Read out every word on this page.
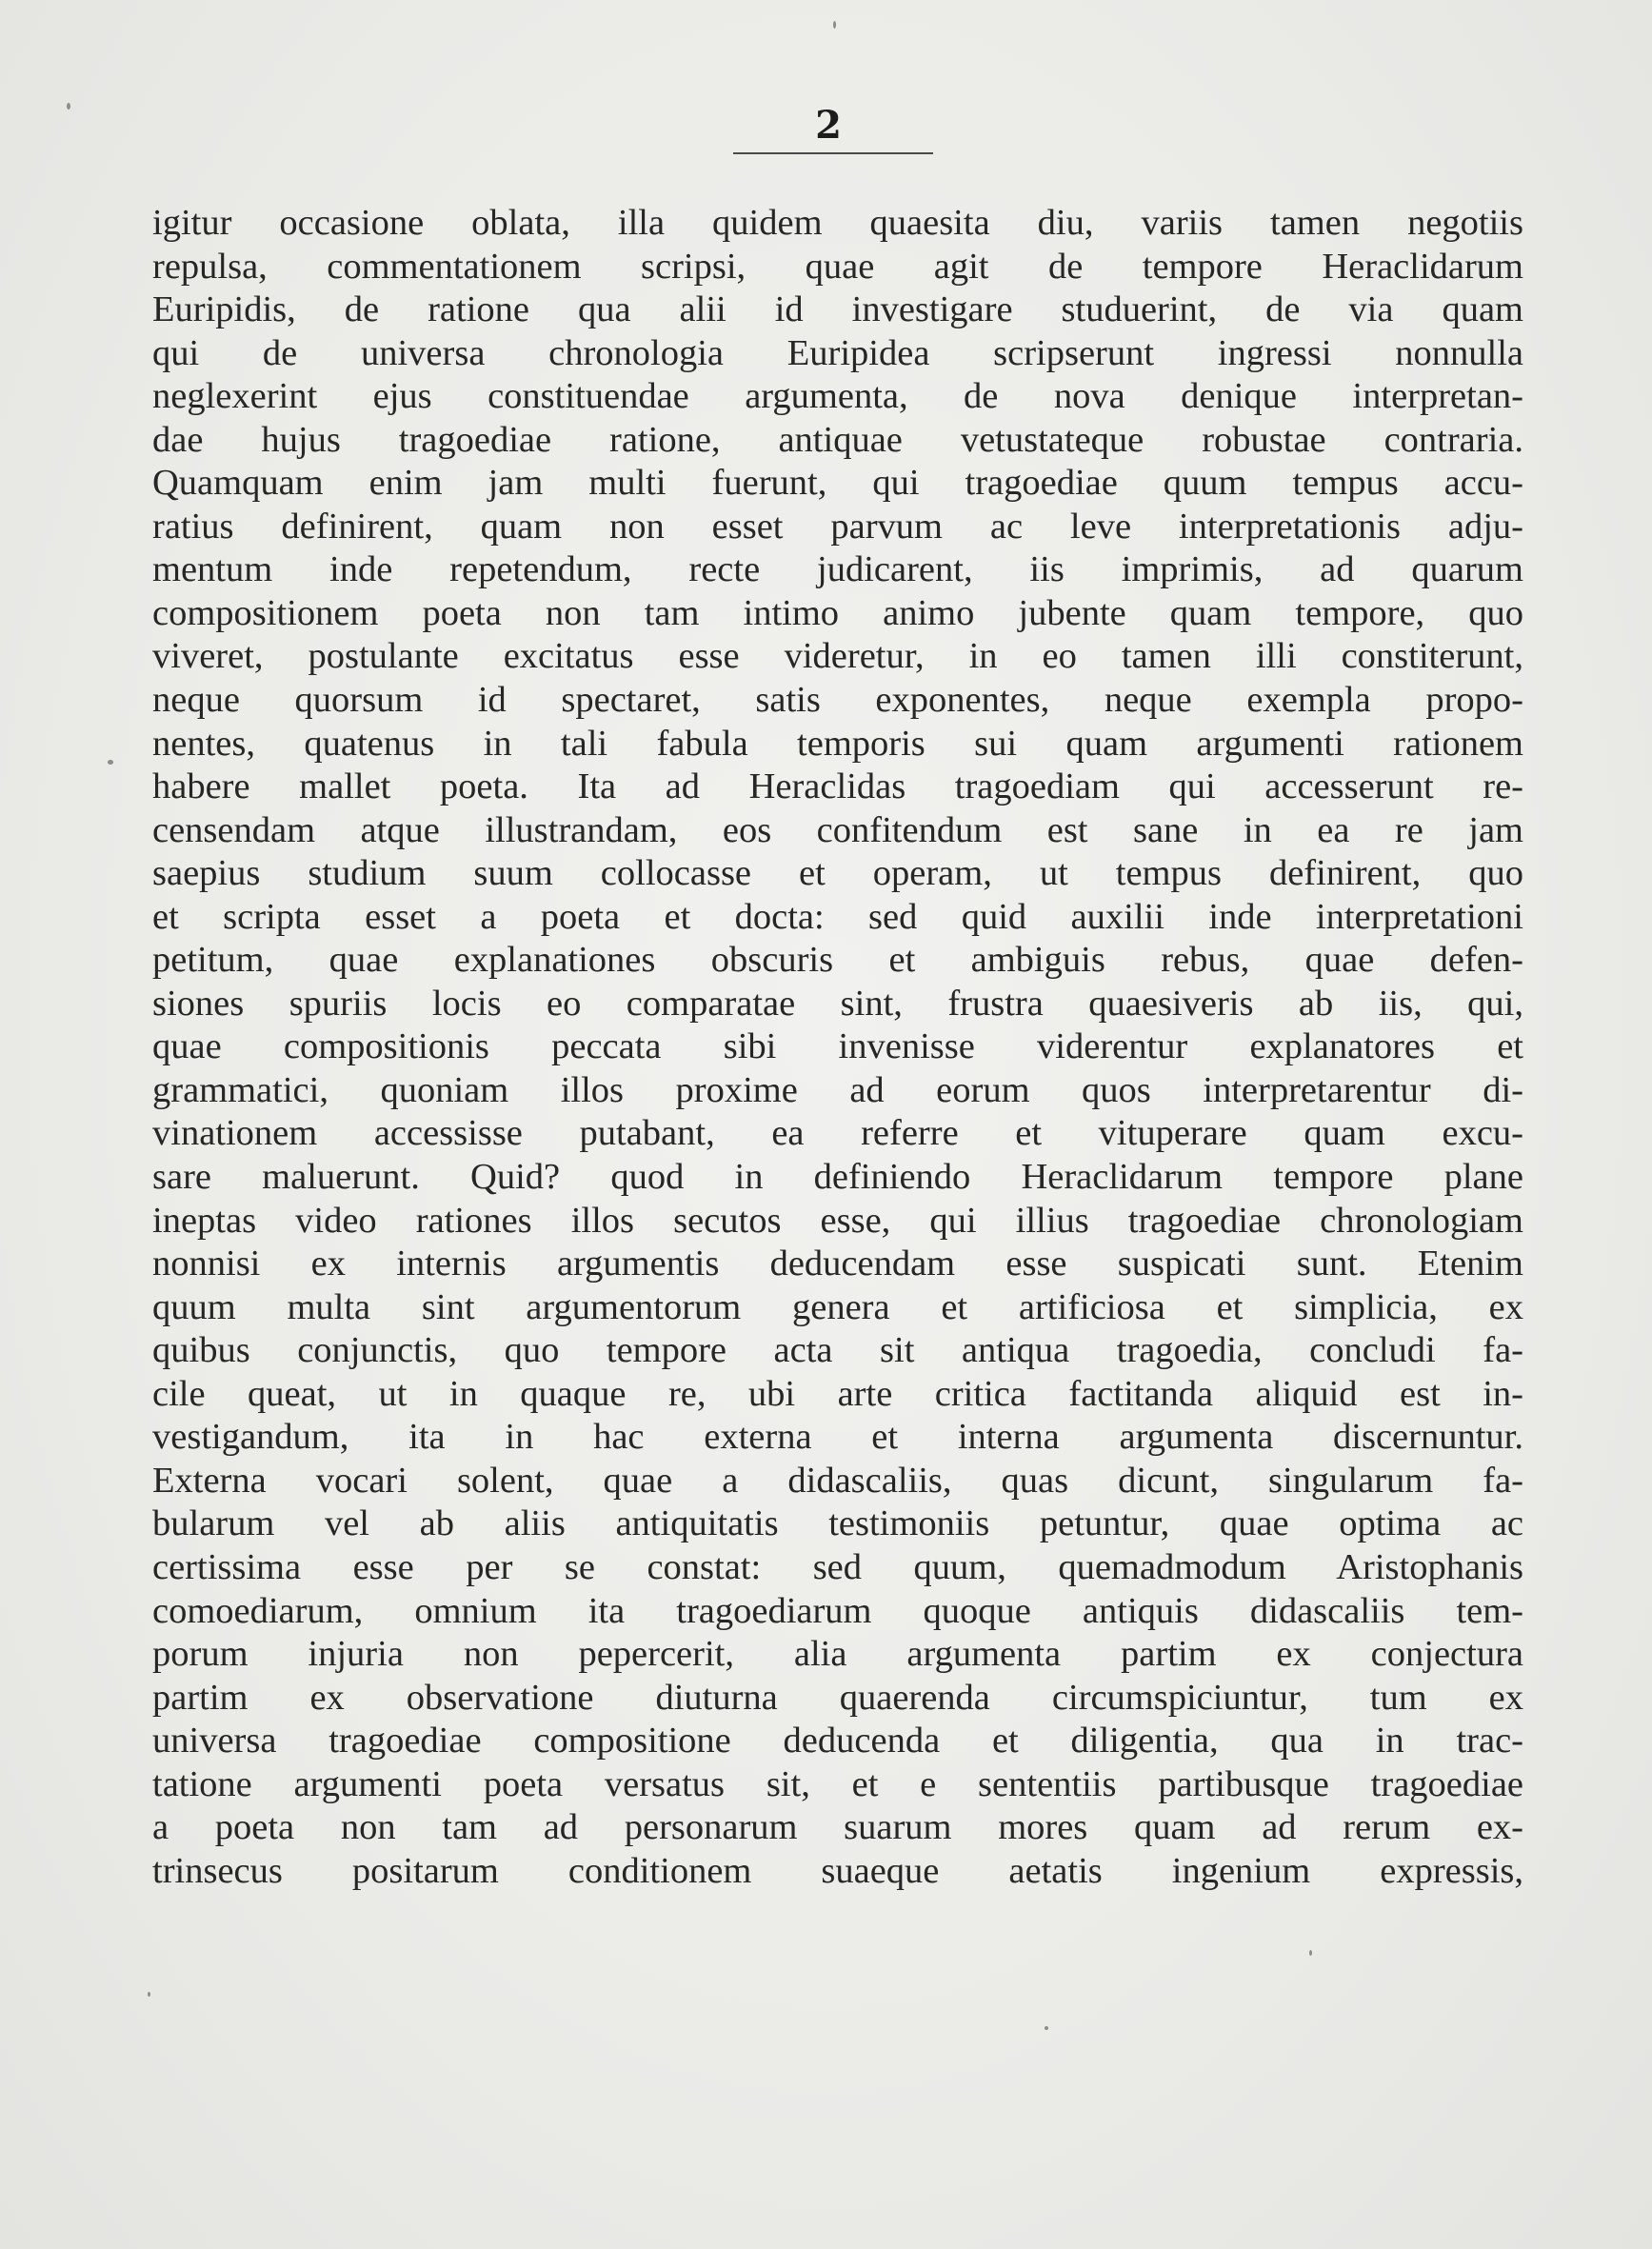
2
igitur occasione oblata, illa quidem quaesita diu, variis tamen negotiis
repulsa, commentationem scripsi, quae agit de tempore Heraclidarum
Euripidis, de ratione qua alii id investigare studuerint, de via quam
qui de universa chronologia Euripidea scripserunt ingressi nonnulla
neglexerint ejus constituendae argumenta, de nova denique interpretan-
dae hujus tragoediae ratione, antiquae vetustateque robustae contraria.
Quamquam enim jam multi fuerunt, qui tragoediae quum tempus accu-
ratius definirent, quam non esset parvum ac leve interpretationis adju-
mentum inde repetendum, recte judicarent, iis imprimis, ad quarum
compositionem poeta non tam intimo animo jubente quam tempore, quo
viveret, postulante excitatus esse videretur, in eo tamen illi constiterunt,
neque quorsum id spectaret, satis exponentes, neque exempla propo-
nentes, quatenus in tali fabula temporis sui quam argumenti rationem
habere mallet poeta. Ita ad Heraclidas tragoediam qui accesserunt re-
censendam atque illustrandam, eos confitendum est sane in ea re jam
saepius studium suum collocasse et operam, ut tempus definirent, quo
et scripta esset a poeta et docta: sed quid auxilii inde interpretationi
petitum, quae explanationes obscuris et ambiguis rebus, quae defen-
siones spuriis locis eo comparatae sint, frustra quaesiveris ab iis, qui,
quae compositionis peccata sibi invenisse viderentur explanatores et
grammatici, quoniam illos proxime ad eorum quos interpretarentur di-
vinationem accessisse putabant, ea referre et vituperare quam excu-
sare maluerunt. Quid? quod in definiendo Heraclidarum tempore plane
ineptas video rationes illos secutos esse, qui illius tragoediae chronologiam
nonnisi ex internis argumentis deducendam esse suspicati sunt. Etenim
quum multa sint argumentorum genera et artificiosa et simplicia, ex
quibus conjunctis, quo tempore acta sit antiqua tragoedia, concludi fa-
cile queat, ut in quaque re, ubi arte critica factitanda aliquid est in-
vestigandum, ita in hac externa et interna argumenta discernuntur.
Externa vocari solent, quae a didascaliis, quas dicunt, singularum fa-
bularum vel ab aliis antiquitatis testimoniis petuntur, quae optima ac
certissima esse per se constat: sed quum, quemadmodum Aristophanis
comoediarum, omnium ita tragoediarum quoque antiquis didascaliis tem-
porum injuria non pepercerit, alia argumenta partim ex conjectura
partim ex observatione diuturna quaerenda circumspiciuntur, tum ex
universa tragoediae compositione deducenda et diligentia, qua in trac-
tatione argumenti poeta versatus sit, et e sententiis partibusque tragoediae
a poeta non tam ad personarum suarum mores quam ad rerum ex-
trinsecus positarum conditionem suaeque aetatis ingenium expressis,
